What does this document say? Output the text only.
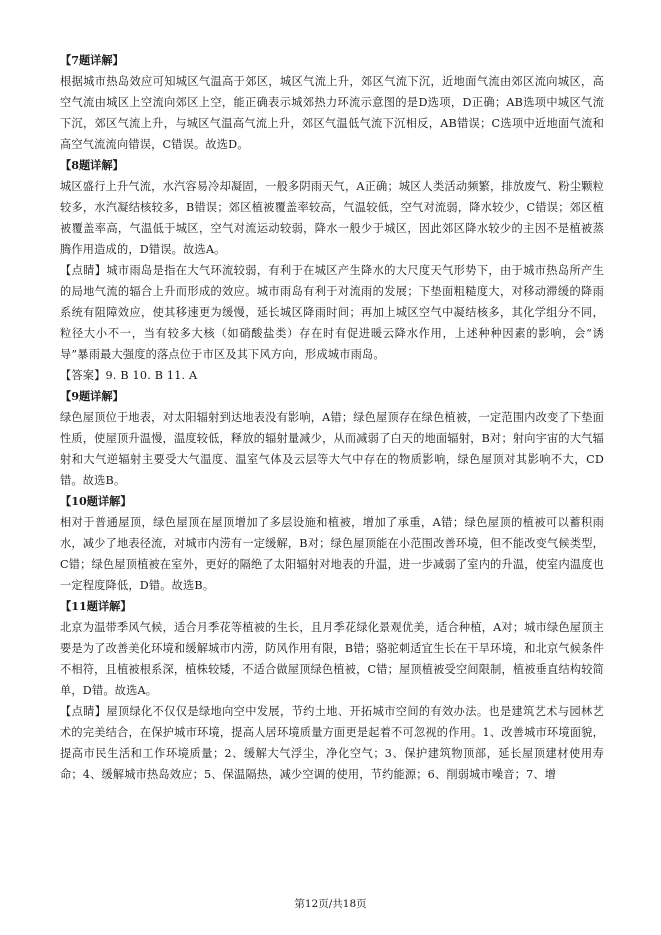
【7题详解】

根据城市热岛效应可知城区气温高于郊区，城区气流上升，郊区气流下沉，近地面气流由郊区流向城区，高空气流由城区上空流向郊区上空，能正确表示城郊热力环流示意图的是D选项，D正确；AB选项中城区气流下沉，郊区气流上升，与城区气温高气流上升，郊区气温低气流下沉相反，AB错误；C选项中近地面气流和高空气流流向错误，C错误。故选D。

【8题详解】

城区盛行上升气流，水汽容易冷却凝固，一般多阴雨天气，A正确；城区人类活动频繁，排放废气、粉尘颗粒较多，水汽凝结核较多，B错误；郊区植被覆盖率较高，气温较低，空气对流弱，降水较少，C错误；郊区植被覆盖率高，气温低于城区，空气对流运动较弱，降水一般少于城区，因此郊区降水较少的主因不是植被蒸腾作用造成的，D错误。故选A。

【点睛】城市雨岛是指在大气环流较弱，有利于在城区产生降水的大尺度天气形势下，由于城市热岛所产生的局地气流的辐合上升而形成的效应。城市雨岛有利于对流雨的发展；下垫面粗糙度大，对移动滞缓的降雨系统有阻障效应，使其移速更为缓慢，延长城区降雨时间；再加上城区空气中凝结核多，其化学组分不同，粒径大小不一，当有较多大核（如硝酸盐类）存在时有促进暖云降水作用，上述种种因素的影响，会“诱导”暴雨最大强度的落点位于市区及其下风方向，形成城市雨岛。

【答案】9. B 10. B 11. A

【9题详解】

绿色屋顶位于地表，对太阳辐射到达地表没有影响，A错；绿色屋顶存在绿色植被，一定范围内改变了下垫面性质，使屋顶升温慢，温度较低，释放的辐射量减少，从而减弱了白天的地面辐射，B对；射向宇宙的大气辐射和大气逆辐射主要受大气温度、温室气体及云层等大气中存在的物质影响，绿色屋顶对其影响不大，CD错。故选B。

【10题详解】

相对于普通屋顶，绿色屋顶在屋顶增加了多层设施和植被，增加了承重，A错；绿色屋顶的植被可以蓄积雨水，减少了地表径流，对城市内涝有一定缓解，B对；绿色屋顶能在小范围改善环境，但不能改变气候类型，C错；绿色屋顶植被在室外，更好的隔绝了太阳辐射对地表的升温，进一步减弱了室内的升温，使室内温度也一定程度降低，D错。故选B。

【11题详解】

北京为温带季风气候，适合月季花等植被的生长，且月季花绿化景观优美，适合种植，A对；城市绿色屋顶主要是为了改善美化环境和缓解城市内涝，防风作用有限，B错；骆驼刺适宜生长在干旱环境，和北京气候条件不相符，且植被根系深，植株较矮，不适合做屋顶绿色植被，C错；屋顶植被受空间限制，植被垂直结构较简单，D错。故选A。

【点睛】屋顶绿化不仅仅是绿地向空中发展，节约土地、开拓城市空间的有效办法。也是建筑艺术与园林艺术的完美结合，在保护城市环境，提高人居环境质量方面更是起着不可忽视的作用。1、改善城市环境面貌，提高市民生活和工作环境质量；2、缓解大气浮尘，净化空气；3、保护建筑物顶部，延长屋顶建材使用寿命；4、缓解城市热岛效应；5、保温隔热，减少空调的使用，节约能源；6、削弱城市噪音；7、增

第12页/共18页
